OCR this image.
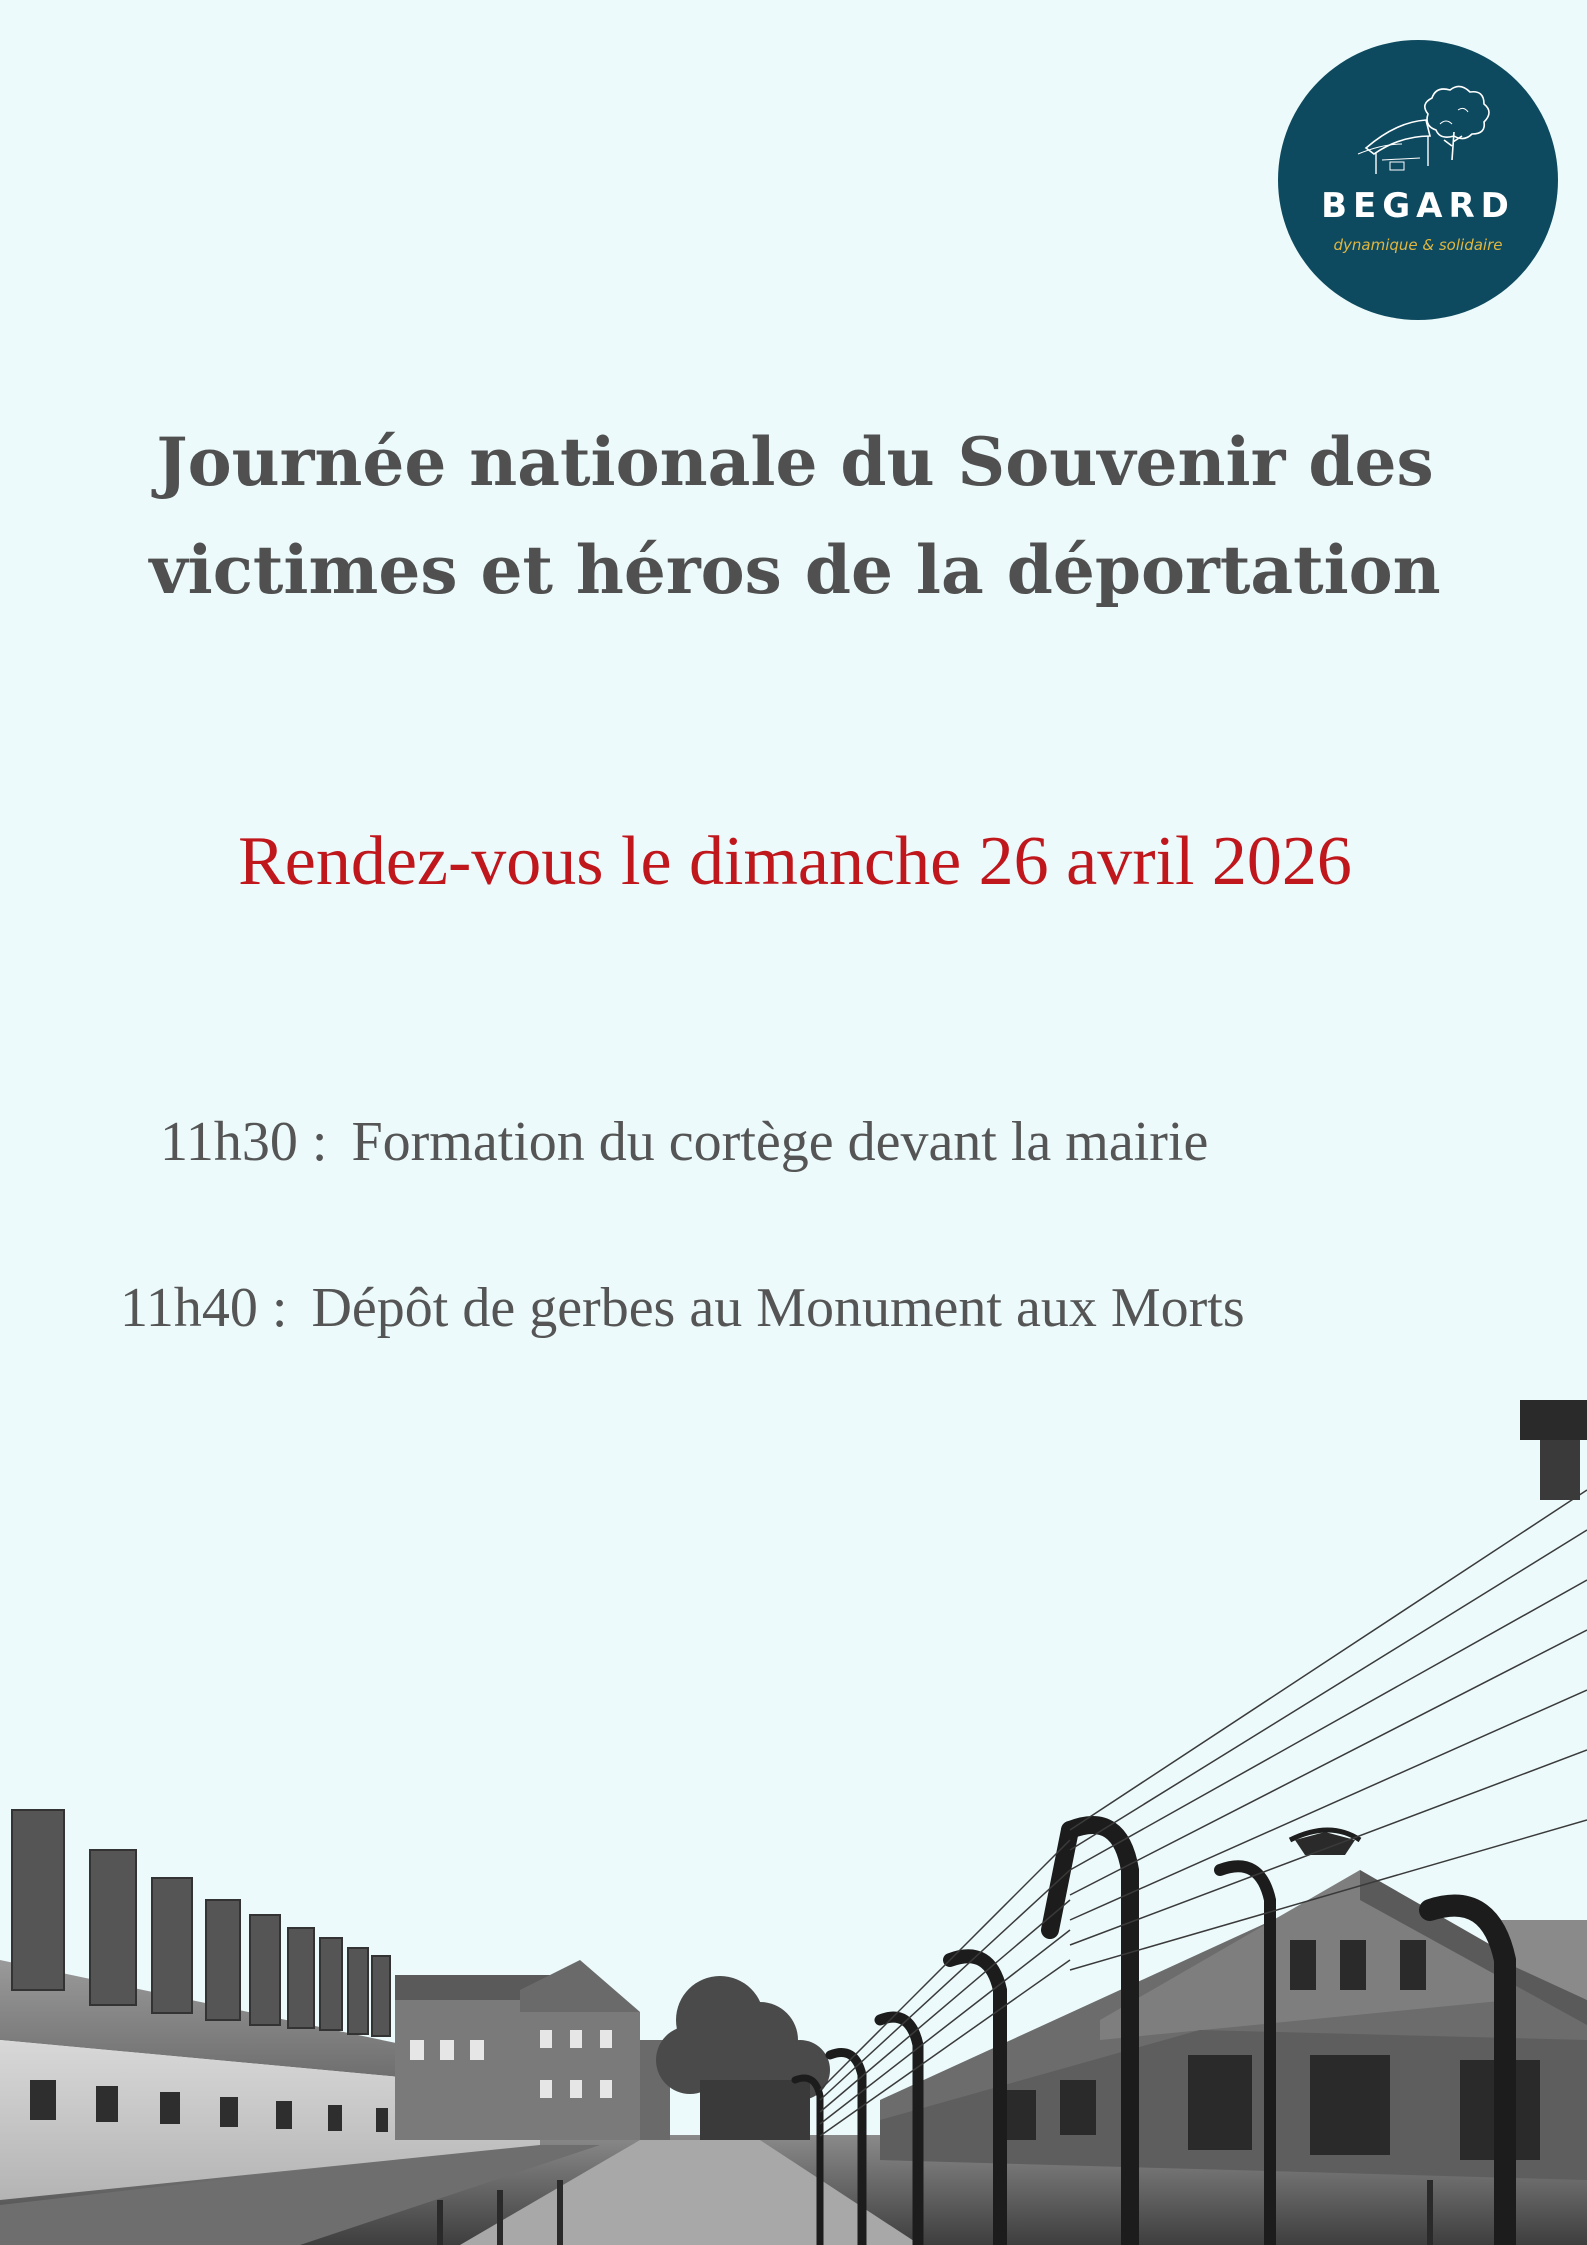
BEGARD
dynamique & solidaire
Journée nationale du Souvenir des
victimes et héros de la déportation
Rendez-vous le dimanche 26 avril 2026
11h30 : Formation du cortège devant la mairie
11h40 : Dépôt de gerbes au Monument aux Morts
